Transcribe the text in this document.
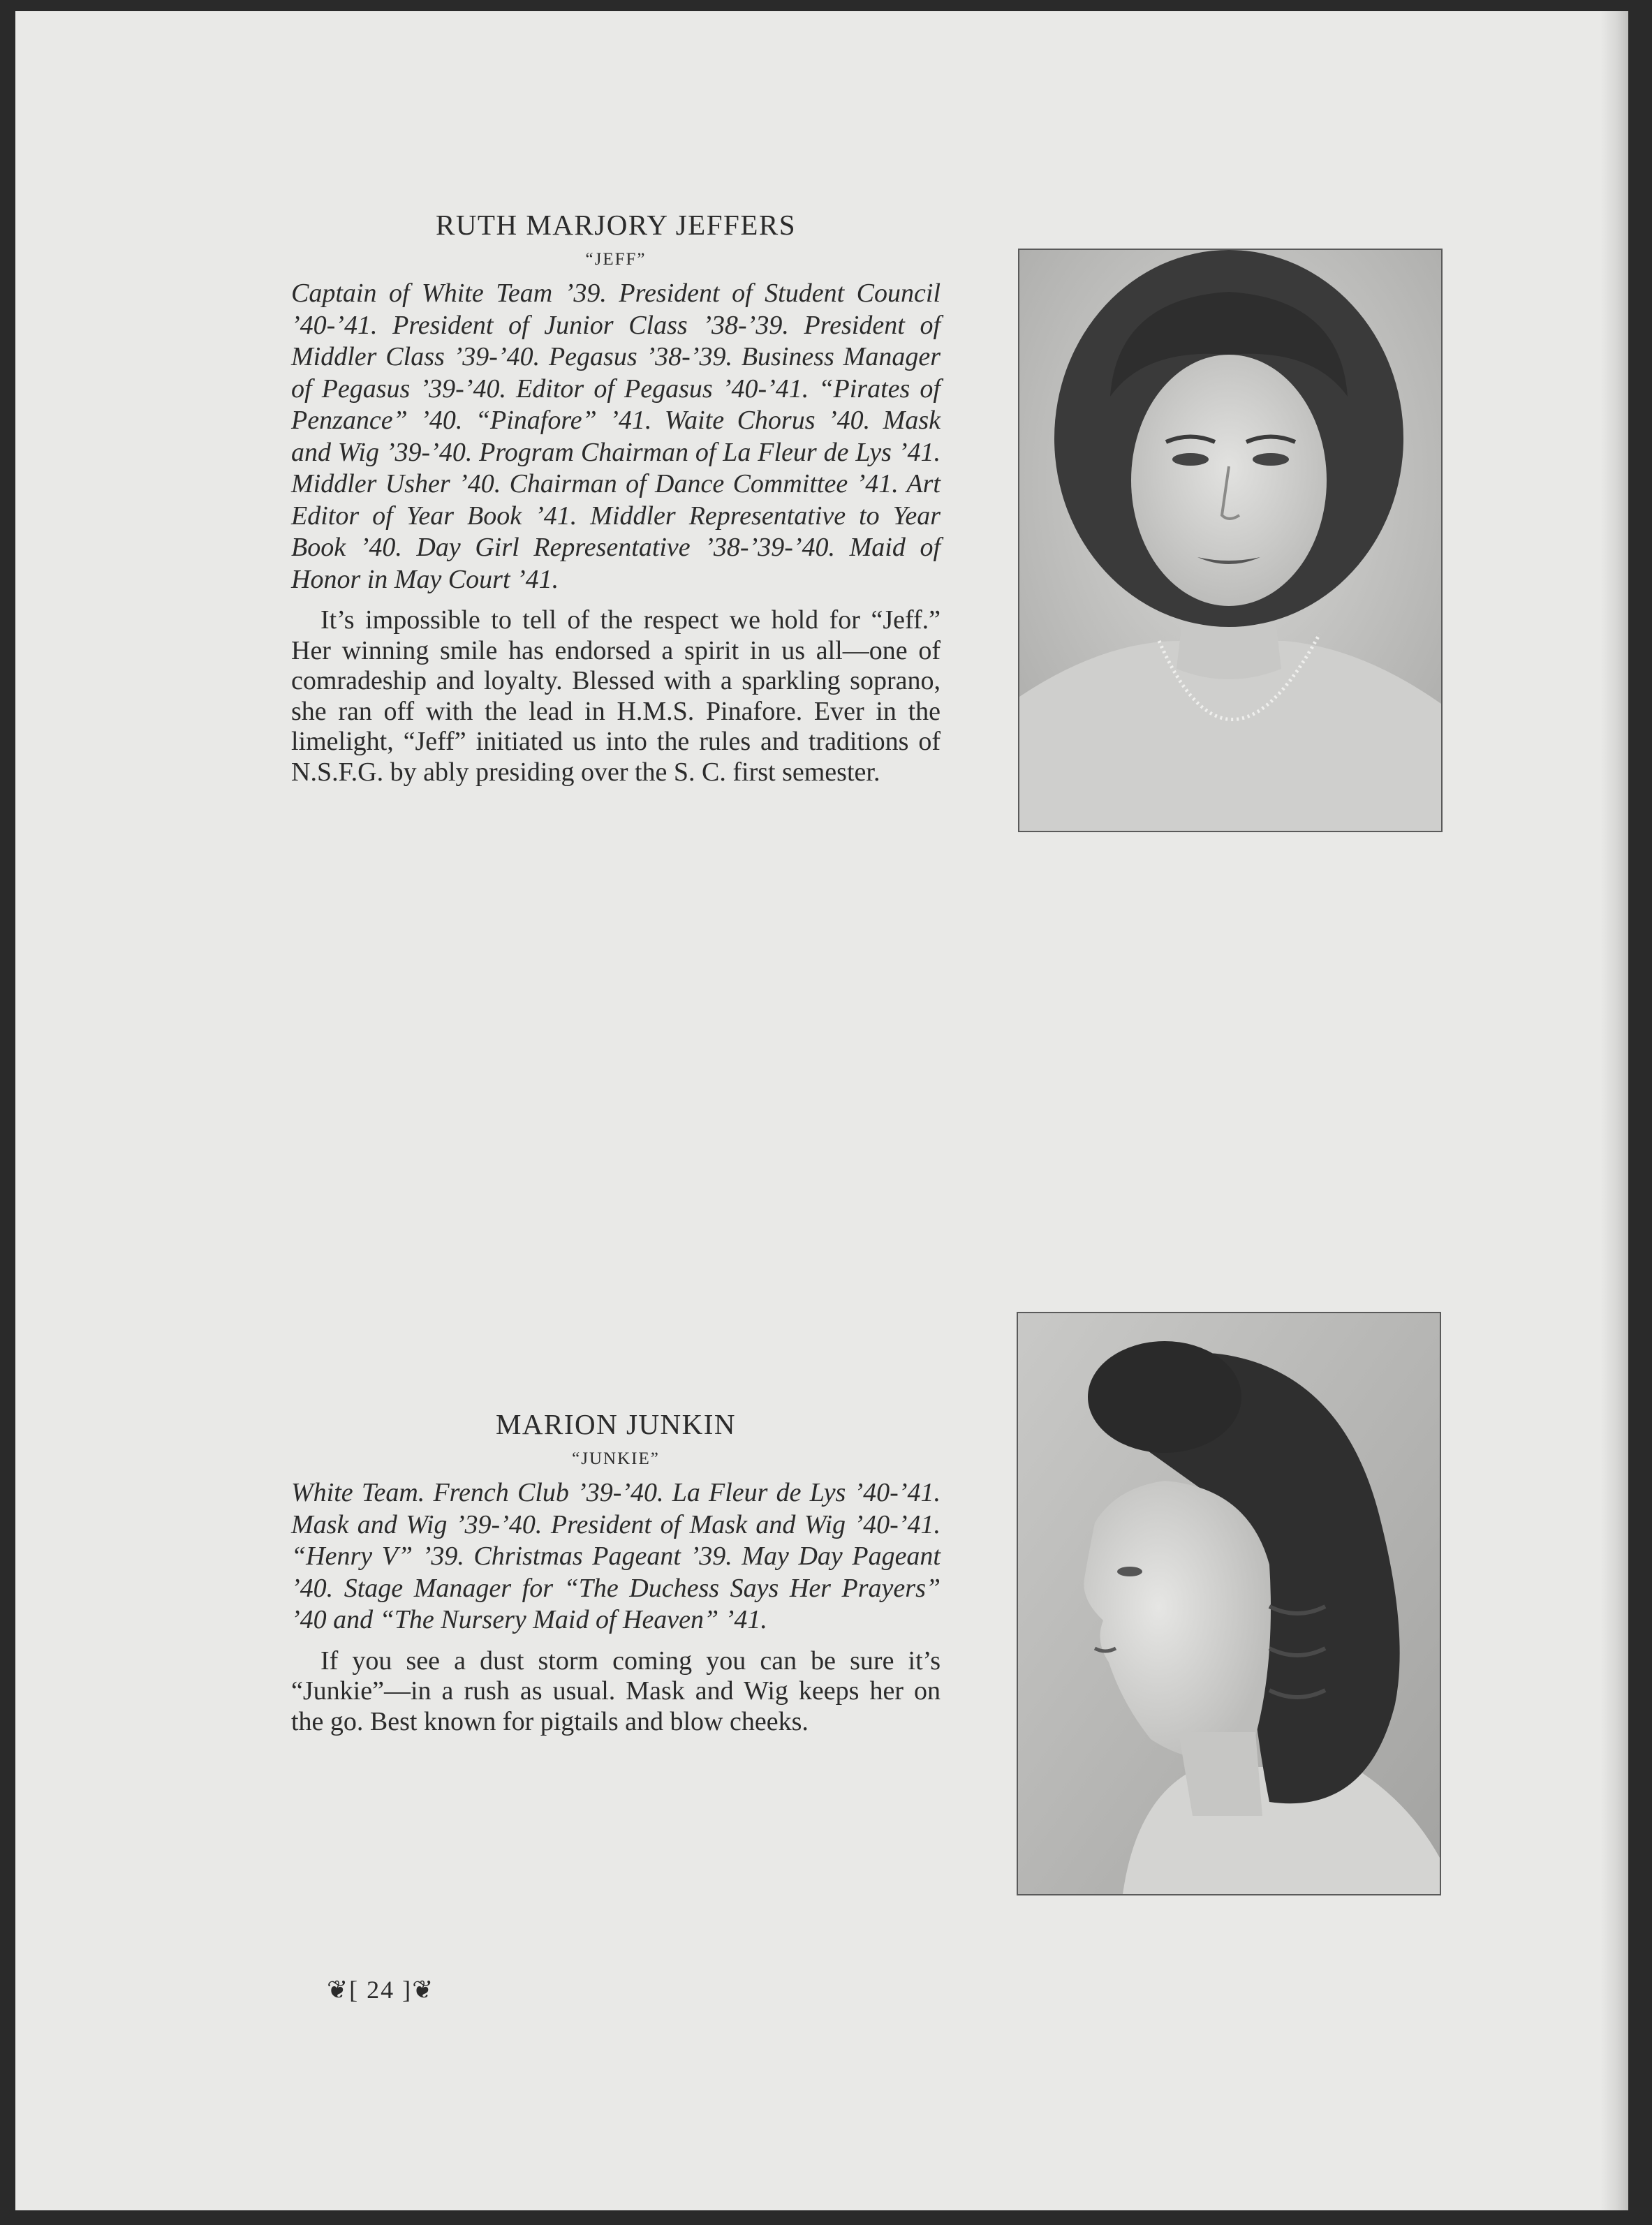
RUTH MARJORY JEFFERS
“JEFF”

Captain of White Team ’39. President of Student Council ’40-’41. President of Junior Class ’38-’39. President of Middler Class ’39-’40. Pegasus ’38-’39. Business Manager of Pegasus ’39-’40. Editor of Pegasus ’40-’41. “Pirates of Penzance” ’40. “Pinafore” ’41. Waite Chorus ’40. Mask and Wig ’39-’40. Program Chairman of La Fleur de Lys ’41. Middler Usher ’40. Chairman of Dance Committee ’41. Art Editor of Year Book ’41. Middler Representative to Year Book ’40. Day Girl Representative ’38-’39-’40. Maid of Honor in May Court ’41.

It’s impossible to tell of the respect we hold for “Jeff.” Her winning smile has endorsed a spirit in us all—one of comradeship and loyalty. Blessed with a sparkling soprano, she ran off with the lead in H.M.S. Pinafore. Ever in the limelight, “Jeff” initiated us into the rules and traditions of N.S.F.G. by ably presiding over the S. C. first semester.

MARION JUNKIN
“JUNKIE”

White Team. French Club ’39-’40. La Fleur de Lys ’40-’41. Mask and Wig ’39-’40. President of Mask and Wig ’40-’41. “Henry V” ’39. Christmas Pageant ’39. May Day Pageant ’40. Stage Manager for “The Duchess Says Her Prayers” ’40 and “The Nursery Maid of Heaven” ’41.

If you see a dust storm coming you can be sure it’s “Junkie”—in a rush as usual. Mask and Wig keeps her on the go. Best known for pigtails and blow cheeks.

❦[ 24 ]❦
